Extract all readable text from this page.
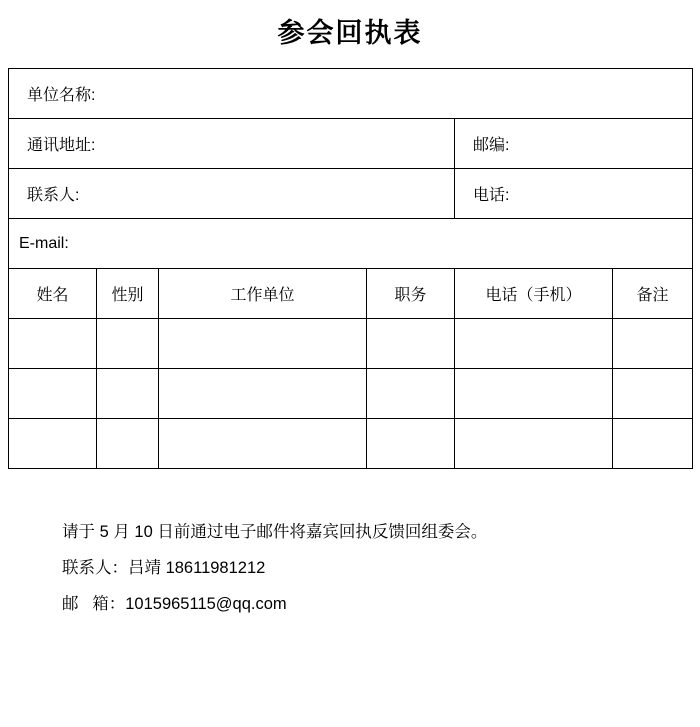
参会回执表
单位名称:					
通讯地址:				邮编:	
联系人:				电话:	
E-mail:					
姓名	性别	工作单位	职务	电话（手机）	备注

请于 5 月 10 日前通过电子邮件将嘉宾回执反馈回组委会。
联系人：吕靖 18611981212
邮   箱：1015965115@qq.com
